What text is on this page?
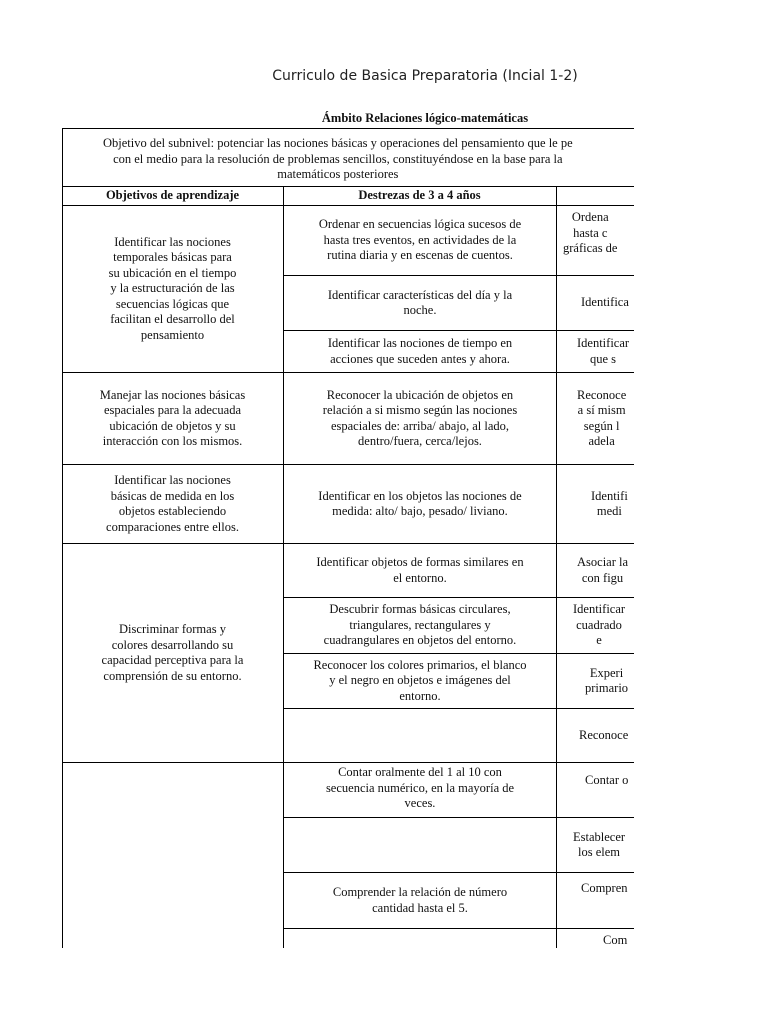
Curriculo de Basica Preparatoria (Incial 1-2)
Ámbito Relaciones lógico-matemáticas
Objetivo del subnivel: potenciar las nociones básicas y operaciones del pensamiento que le pe
con el medio para la resolución de problemas sencillos, constituyéndose en la base para la
matemáticos posteriores
Objetivos de aprendizaje	Destrezas de 3 a 4 años
Identificar las nociones
temporales básicas para
su ubicación en el tiempo
y la estructuración de las
secuencias lógicas que
facilitan el desarrollo del
pensamiento
Manejar las nociones básicas
espaciales para la adecuada
ubicación de objetos y su
interacción con los mismos.
Identificar las nociones
básicas de medida en los
objetos estableciendo
comparaciones entre ellos.
Discriminar formas y
colores desarrollando su
capacidad perceptiva para la
comprensión de su entorno.
Ordenar en secuencias lógica sucesos de
hasta tres eventos, en actividades de la
rutina diaria y en escenas de cuentos.
Identificar características del día y la
noche.
Identificar las nociones de tiempo en
acciones que suceden antes y ahora.
Reconocer la ubicación de objetos en
relación a si mismo según las nociones
espaciales de: arriba/ abajo, al lado,
dentro/fuera, cerca/lejos.
Identificar en los objetos las nociones de
medida: alto/ bajo, pesado/ liviano.
Identificar objetos de formas similares en
el entorno.
Descubrir formas básicas circulares,
triangulares, rectangulares y
cuadrangulares en objetos del entorno.
Reconocer los colores primarios, el blanco
y el negro en objetos e imágenes del
entorno.
Contar oralmente del 1 al 10 con
secuencia numérico, en la mayoría de
veces.
Comprender la relación de número
cantidad hasta el 5.
Ordena
hasta c
gráficas de
Identifica
Identificar
que s
Reconoce
a sí mism
según l
adela
Identifi
medi
Asociar la
con figu
Identificar
cuadrado
e
Experi
primario
Reconoce
Contar o
Establecer
los elem
Compren
Com
